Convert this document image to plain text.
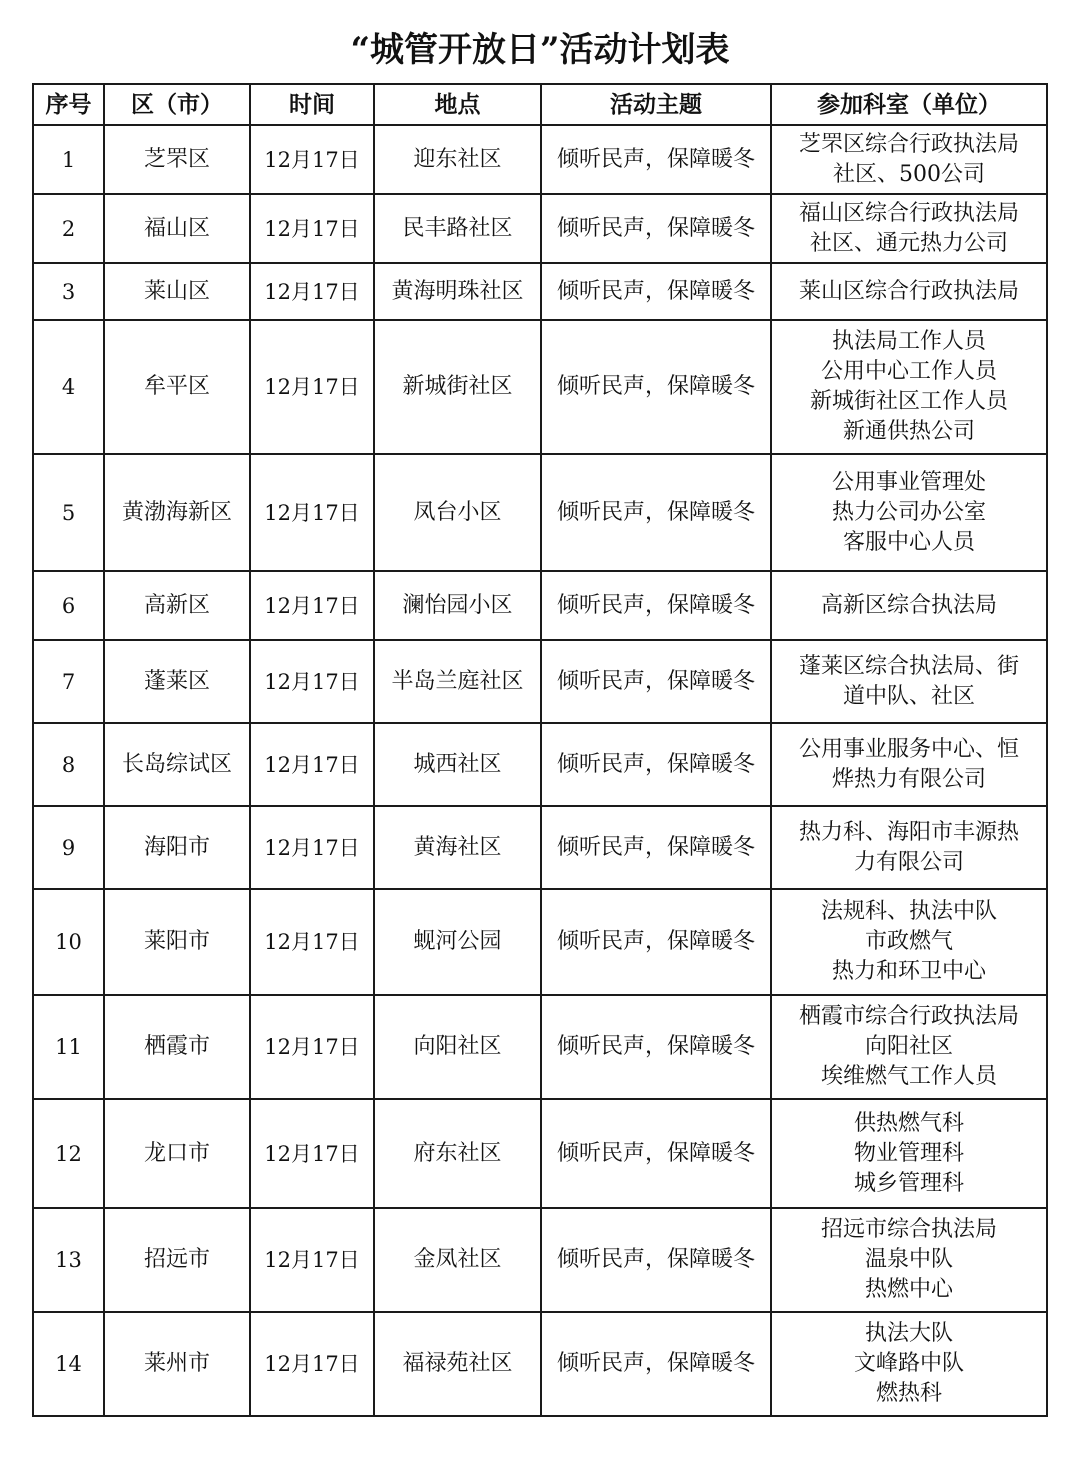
“城管开放日”活动计划表
序号	区（市）	时间	地点	活动主题	参加科室（单位）
1	芝罘区	12月17日	迎东社区	倾听民声，保障暖冬	芝罘区综合行政执法局
社区、500公司

2	福山区	12月17日	民丰路社区	倾听民声，保障暖冬	福山区综合行政执法局
社区、通元热力公司

3	莱山区	12月17日	黄海明珠社区	倾听民声，保障暖冬	莱山区综合行政执法局

4	牟平区	12月17日	新城街社区	倾听民声，保障暖冬	执法局工作人员
公用中心工作人员
新城街社区工作人员
新通供热公司

5	黄渤海新区	12月17日	凤台小区	倾听民声，保障暖冬	公用事业管理处
热力公司办公室
客服中心人员

6	高新区	12月17日	澜怡园小区	倾听民声，保障暖冬	高新区综合执法局

7	蓬莱区	12月17日	半岛兰庭社区	倾听民声，保障暖冬	蓬莱区综合执法局、街
道中队、社区

8	长岛综试区	12月17日	城西社区	倾听民声，保障暖冬	公用事业服务中心、恒
烨热力有限公司

9	海阳市	12月17日	黄海社区	倾听民声，保障暖冬	热力科、海阳市丰源热
力有限公司

10	莱阳市	12月17日	蚬河公园	倾听民声，保障暖冬	法规科、执法中队
市政燃气
热力和环卫中心

11	栖霞市	12月17日	向阳社区	倾听民声，保障暖冬	栖霞市综合行政执法局
向阳社区
埃维燃气工作人员

12	龙口市	12月17日	府东社区	倾听民声，保障暖冬	供热燃气科
物业管理科
城乡管理科

13	招远市	12月17日	金凤社区	倾听民声，保障暖冬	招远市综合执法局
温泉中队
热燃中心

14	莱州市	12月17日	福禄苑社区	倾听民声，保障暖冬	执法大队
文峰路中队
燃热科
